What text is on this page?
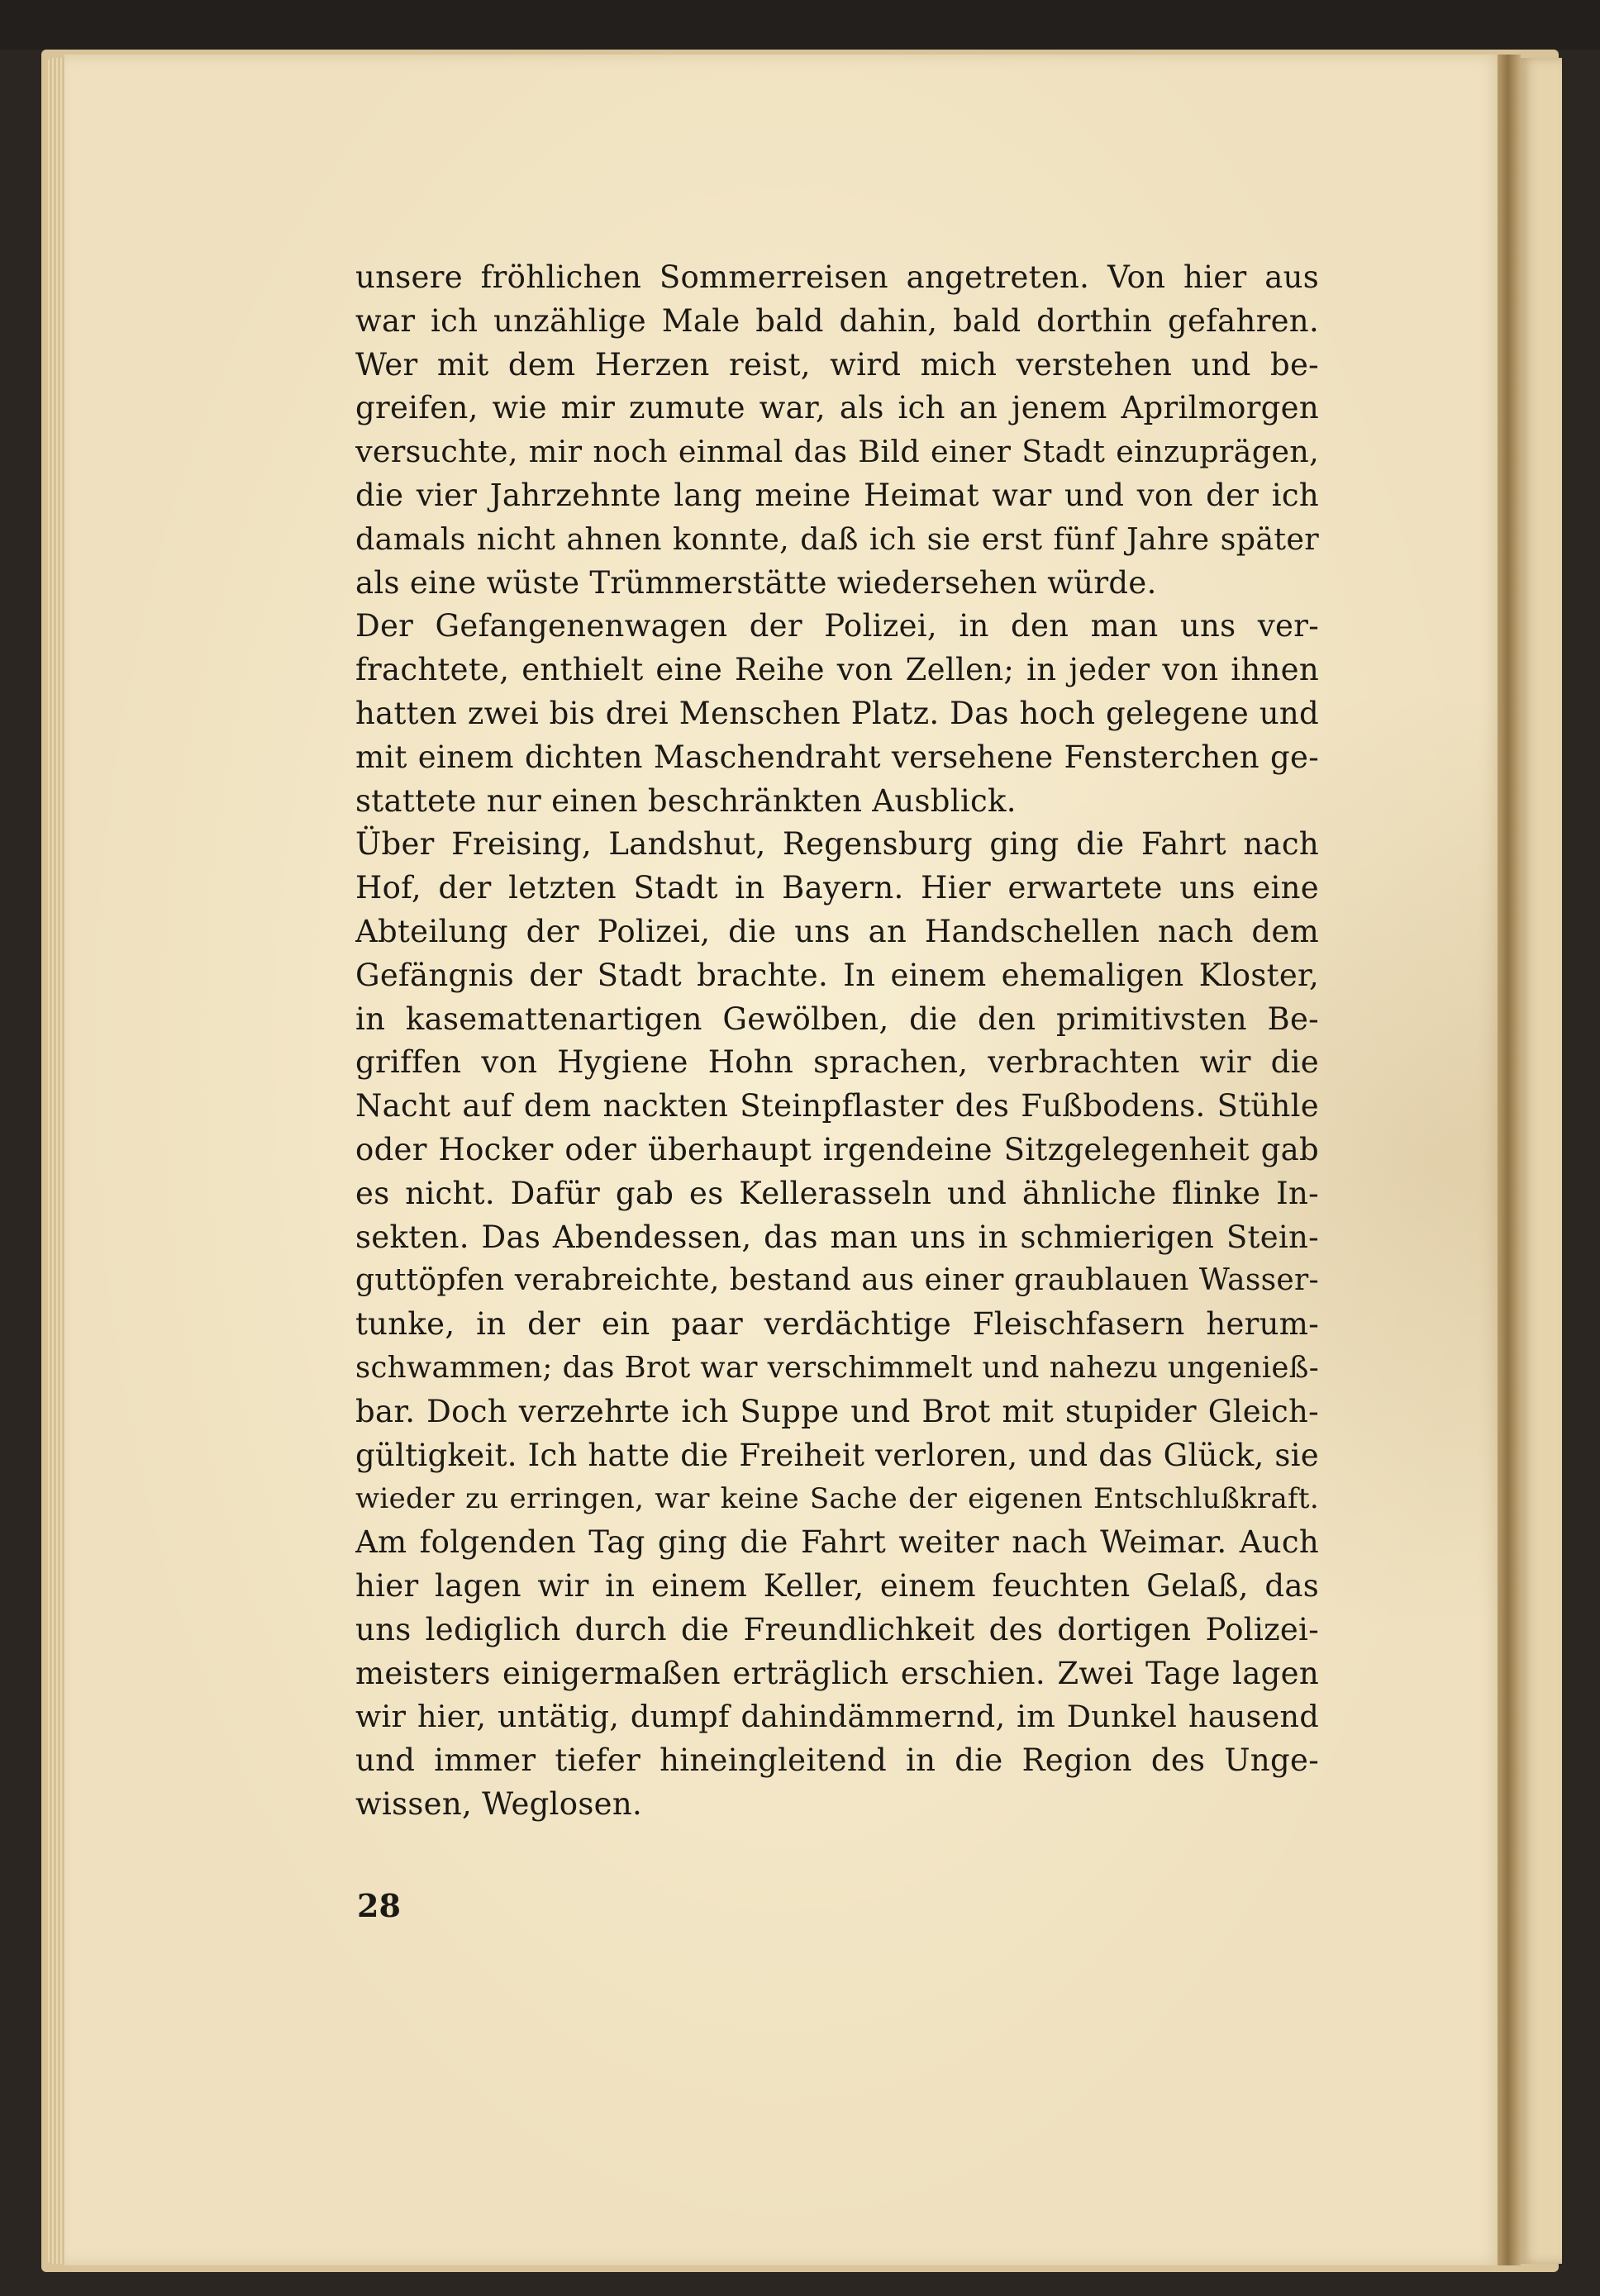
unsere fröhlichen Sommerreisen angetreten. Von hier aus
war ich unzählige Male bald dahin, bald dorthin gefahren.
Wer mit dem Herzen reist, wird mich verstehen und be-
greifen, wie mir zumute war, als ich an jenem Aprilmorgen
versuchte, mir noch einmal das Bild einer Stadt einzuprägen,
die vier Jahrzehnte lang meine Heimat war und von der ich
damals nicht ahnen konnte, daß ich sie erst fünf Jahre später
als eine wüste Trümmerstätte wiedersehen würde.
Der Gefangenenwagen der Polizei, in den man uns ver-
frachtete, enthielt eine Reihe von Zellen; in jeder von ihnen
hatten zwei bis drei Menschen Platz. Das hoch gelegene und
mit einem dichten Maschendraht versehene Fensterchen ge-
stattete nur einen beschränkten Ausblick.
Über Freising, Landshut, Regensburg ging die Fahrt nach
Hof, der letzten Stadt in Bayern. Hier erwartete uns eine
Abteilung der Polizei, die uns an Handschellen nach dem
Gefängnis der Stadt brachte. In einem ehemaligen Kloster,
in kasemattenartigen Gewölben, die den primitivsten Be-
griffen von Hygiene Hohn sprachen, verbrachten wir die
Nacht auf dem nackten Steinpflaster des Fußbodens. Stühle
oder Hocker oder überhaupt irgendeine Sitzgelegenheit gab
es nicht. Dafür gab es Kellerasseln und ähnliche flinke In-
sekten. Das Abendessen, das man uns in schmierigen Stein-
guttöpfen verabreichte, bestand aus einer graublauen Wasser-
tunke, in der ein paar verdächtige Fleischfasern herum-
schwammen; das Brot war verschimmelt und nahezu ungenieß-
bar. Doch verzehrte ich Suppe und Brot mit stupider Gleich-
gültigkeit. Ich hatte die Freiheit verloren, und das Glück, sie
wieder zu erringen, war keine Sache der eigenen Entschlußkraft.
Am folgenden Tag ging die Fahrt weiter nach Weimar. Auch
hier lagen wir in einem Keller, einem feuchten Gelaß, das
uns lediglich durch die Freundlichkeit des dortigen Polizei-
meisters einigermaßen erträglich erschien. Zwei Tage lagen
wir hier, untätig, dumpf dahindämmernd, im Dunkel hausend
und immer tiefer hineingleitend in die Region des Unge-
wissen, Weglosen.
28
